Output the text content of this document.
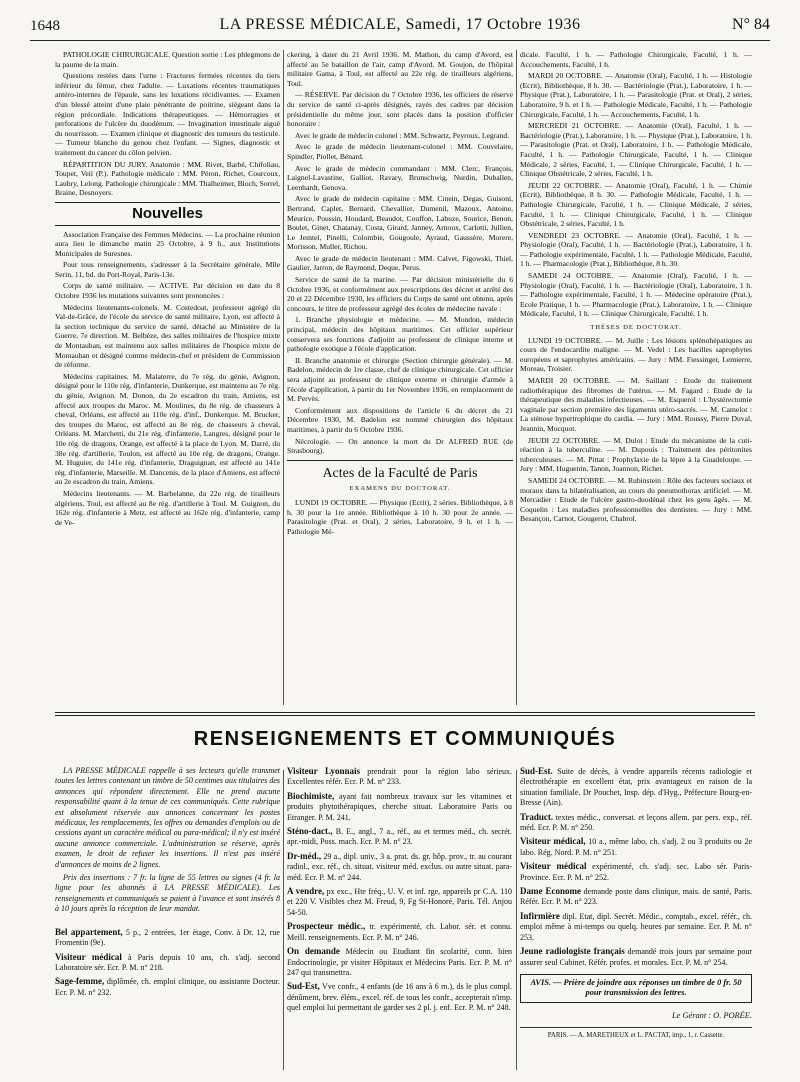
1648	LA PRESSE MÉDICALE, Samedi, 17 Octobre 1936	N° 84

PATHOLOGIE CHIRURGICALE. Question sortie : Les phlegmons de la paume de la main.

Questions restées dans l'urne : Fractures fermées récentes du tiers inférieur du fémur, chez l'adulte. — Luxations récentes traumatiques antéro-internes de l'épaule, sans les luxations récidivantes. — Examen d'un blessé atteint d'une plaie pénétrante de poitrine, siégeant dans la région précordiale. Indications thérapeutiques. — Hémorragies et perforations de l'ulcère du duodénum. — Invagination intestinale aiguë du nourrisson. — Examen clinique et diagnostic des tumeurs du testicule. — Tumeur blanche du genou chez l'enfant. — Signes, diagnostic et traitement du cancer du côlon pelvien.

RÉPARTITION DU JURY. Anatomie : MM. Rivet, Barbé, Chifoliau, Toupet, Veil (P.). Pathologie médicale : MM. Péron, Richet, Courcoux, Laubry, Lelong. Pathologie chirurgicale : MM. Thalheimer, Bloch, Sorrel, Braine, Desnoyers.

Nouvelles

Association Française des Femmes Médecins. — La prochaine réunion aura lieu le dimanche matin 25 Octobre, à 9 h., aux Institutions Municipales de Suresnes.

Pour tous renseignements, s'adresser à la Secrétaire générale, Mlle Serin, 11, bd. du Port-Royal, Paris-13e.

Corps de santé militaire. — ACTIVE. Par décision en date du 8 Octobre 1936 les mutations suivantes sont prononcées :

Médecins lieutenants-colonels. M. Costedoat, professeur agrégé du Val-de-Grâce, de l'école du service de santé militaire, Lyon, est affecté à la section technique du service de santé, détaché au Ministère de la Guerre, 7e direction. M. Belbèze, des salles militaires de l'hospice mixte de Montauban, est maintenu aux salles militaires de l'hospice mixte de Montauban et désigné comme médecin-chef et président de Commission de réforme.

Médecins capitaines. M. Malaterre, du 7e rég. du génie, Avignon, désigné pour le 110e rég. d'infanterie, Dunkerque, est maintenu au 7e rég. du génie, Avignon. M. Donon, du 2e escadron du train, Amiens, est affecté aux troupes du Maroc. M. Moulines, du 8e rég. de chasseurs à cheval, Orléans, est affecté au 110e rég. d'inf., Dunkerque. M. Brucker, des troupes du Maroc, est affecté au 8e rég. de chasseurs à cheval, Orléans. M. Marchetti, du 21e rég. d'infanterie, Langres, désigné pour le 10e rég. de dragons, Orange, est affecté à la place de Lyon. M. Darré, du 38e rég. d'artillerie, Toulon, est affecté au 10e rég. de dragons, Orange. M. Huguier, du 141e rég. d'infanterie, Draguignan, est affecté au 141e rég. d'infanterie, Marseille. M. Dancenis, de la place d'Amiens, est affecté au 2e escadron du train, Amiens.

Médecins lieutenants. — M. Barbelanne, du 22e rég. de tirailleurs algériens, Toul, est affecté au 8e rég. d'artillerie à Toul. M. Guignon, du 162e rég. d'infanterie à Metz, est affecté au 162e rég. d'infanterie, camp de Ve-

ckering, à dater du 21 Avril 1936. M. Mathon, du camp d'Avord, est affecté au 5e bataillon de l'air, camp d'Avord. M. Goujon, de l'hôpital militaire Gama, à Toul, est affecté au 22e rég. de tirailleurs algériens, Toul.

— RÉSERVE. Par décision du 7 Octobre 1936, les officiers de réserve du service de santé ci-après désignés, rayés des cadres par décision présidentielle du même jour, sont placés dans la position d'officier honoraire :

Avec le grade de médecin colonel : MM. Schwartz, Peyroux, Legrand.

Avec le grade de médecin lieutenant-colonel : MM. Couvelaire, Spindler, Piollet, Bénard.

Avec le grade de médecin commandant : MM. Clerc, François, Laignel-Lavastine, Galliot, Ravary, Brunschwig, Nurdin, Duballen, Leenhardt, Genova.

Avec le grade de médecin capitaine : MM. Cinein, Degas, Guisoni, Bertrand, Caplet, Bernard, Chevallier, Dumenil, Mazoux, Antoine, Meurice, Poussin, Houdard, Beaudot, Couffon, Labuze, Sourice, Benon, Boulet, Ginet, Chatanay, Costa, Girard, Janney, Arnoux, Carlotti, Jullien, Le Jemtel, Pinelli, Colombie, Gougoule, Ayraud, Gaussère, Morere, Morisson, Muller, Richou.

Avec le grade de médecin lieutenant : MM. Calvet, Figowski, Thiel, Gaulier, Jarron, de Raymond, Deque, Perus.

Service de santé de la marine. — Par décision ministérielle du 6 Octobre 1936, et conformément aux prescriptions des décret et arrêté des 20 et 22 Décembre 1930, les officiers du Corps de santé ont obtenu, après concours, le titre de professeur agrégé des écoles de médecine navale :

1. Branche physiologie et médecine. — M. Mondon, médecin principal, médecin des hôpitaux maritimes. Cet officier supérieur conservera ses fonctions d'adjoint au professeur de clinique interne et pathologie exotique à l'école d'application.

II. Branche anatomie et chirurgie (Section chirurgie générale). — M. Badelon, médecin de 1re classe, chef de clinique chirurgicale. Cet officier sera adjoint au professeur de clinique externe et chirurgie d'armée à l'école d'application, à partir du 1er Novembre 1936, en remplacement de M. Pervès.

Conformément aux dispositions de l'article 6 du décret du 21 Décembre 1930, M. Badelon est nommé chirurgien des hôpitaux maritimes, à partir du 6 Octobre 1936.

Nécrologie. — On annonce la mort du Dr ALFRED RUE (de Strasbourg).

Actes de la Faculté de Paris
EXAMENS DU DOCTORAT.

LUNDI 19 OCTOBRE. — Physique (Ecrit), 2 séries. Bibliothèque, à 8 h. 30 pour la 1re année. Bibliothèque à 10 h. 30 pour 2e année. — Parasitologie (Prat. et Oral), 2 séries, Laboratoire, 9 h. et 1 h. — Pathologie Mé-

dicale. Faculté, 1 h. — Pathologie Chirurgicale, Faculté, 1 h. — Accouchements, Faculté, 1 h.

MARDI 20 OCTOBRE. — Anatomie (Oral), Faculté, 1 h. — Histologie (Ecrit), Bibliothèque, 8 h. 30. — Bactériologie (Prat.), Laboratoire, 1 h. — Physique (Prat.), Laboratoire, 1 h. — Parasitologie (Prat. et Oral), 2 séries, Laboratoire, 9 h. et 1 h. — Pathologie Médicale, Faculté, 1 h. — Pathologie Chirurgicale, Faculté, 1 h. — Accouchements, Faculté, 1 h.

MERCREDI 21 OCTOBRE. — Anatomie (Oral), Faculté, 1 h. — Bactériologie (Prat.), Laboratoire, 1 h. — Physique (Prat.), Laboratoire, 1 h. — Parasitologie (Prat. et Oral), Laboratoire, 1 h. — Pathologie Médicale, Faculté, 1 h. — Pathologie Chirurgicale, Faculté, 1 h. — Clinique Médicale, 2 séries, Faculté, 1. — Clinique Chirurgicale, Faculté, 1 h. — Clinique Obstétricale, 2 séries, Faculté, 1 h.

JEUDI 22 OCTOBRE. — Anatomie (Oral), Faculté, 1 h. — Chimie (Ecrit), Bibliothèque, 8 h. 30. — Pathologie Médicale, Faculté, 1 h. — Pathologie Chirurgicale, Faculté, 1 h. — Clinique Médicale, 2 séries, Faculté, 1 h. — Clinique Chirurgicale, Faculté, 1 h. — Clinique Obstétricale, 2 séries, Faculté, 1 h.

VENDREDI 23 OCTOBRE. — Anatomie (Oral), Faculté, 1 h. — Physiologie (Oral), Faculté, 1 h. — Bactériologie (Prat.), Laboratoire, 1 h. — Pathologie expérimentale, Faculté, 1 h. — Pathologie Médicale, Faculté, 1 h. — Pharmacologie (Prat.), Bibliothèque, 8 h. 30.

SAMEDI 24 OCTOBRE. — Anatomie (Oral), Faculté, 1 h. — Physiologie (Oral), Faculté, 1 h. — Bactériologie (Oral), Laboratoire, 1 h. — Pathologie expérimentale, Faculté, 1 h. — Médecine opératoire (Prat.), Ecole Pratique, 1 h. — Pharmacologie (Prat.), Laboratoire, 1 h. — Clinique Médicale, Faculté, 1 h. — Clinique Chirurgicale, Faculté, 1 h.

THÈSES DE DOCTORAT.

LUNDI 19 OCTOBRE. — M. Juille : Les lésions splénohépatiques au cours de l'endocardite maligne. — M. Vedel : Les bacilles saprophytes européens et saprophytes américains. — Jury : MM. Fiessinger, Lemierre, Moreau, Troisier.

MARDI 20 OCTOBRE. — M. Saillant : Etude du traitement radiothérapique des fibromes de l'utérus. — M. Fagard : Etude de la thérapeutique des maladies infectieuses. — M. Esquerol : L'hystérectomie vaginale par section première des ligaments utéro-sacrés. — M. Camelot : La sténose hypertrophique du cardia. — Jury : MM. Roussy, Pierre Duval, Jeannin, Mocquot.

JEUDI 22 OCTOBRE. — M. Dulot : Etude du mécanisme de la cuti-réaction à la tuberculine. — M. Dupouis : Traitement des péritonites tuberculeuses. — M. Pittat : Prophylaxie de la lèpre à la Guadeloupe. — Jury : MM. Huguenin, Tanon, Joannon, Richet.

SAMEDI 24 OCTOBRE. — M. Rubinstein : Rôle des facteurs sociaux et moraux dans la bilatéralisation, au cours du pneumothorax artificiel. — M. Mercadier : Etude de l'ulcère gastro-duodénal chez les gens âgés. — M. Coquelin : Les maladies professionnelles des dentistes. — Jury : MM. Besançon, Carnot, Gougerot, Chabrol.

RENSEIGNEMENTS ET COMMUNIQUÉS

LA PRESSE MÉDICALE rappelle à ses lecteurs qu'elle transmet toutes les lettres contenant un timbre de 50 centimes aux titulaires des annonces qui répondent directement. Elle ne prend aucune responsabilité quant à la tenue de ces communiqués. Cette rubrique est absolument réservée aux annonces concernant les postes médicaux, les remplacements, les offres ou demandes d'emplois ou de cessions ayant un caractère médical ou para-médical; il n'y est inséré aucune annonce commerciale. L'administration se réserve, après examen, le droit de refuser les insertions. Il n'est pas inséré d'annonces de moins de 2 lignes.

Prix des insertions : 7 fr. la ligne de 55 lettres ou signes (4 fr. la ligne pour les abonnés à LA PRESSE MÉDICALE). Les renseignements et communiqués se paient à l'avance et sont insérés 8 à 10 jours après la réception de leur mandat.

Bel appartement, 5 p., 2 entrées, 1er étage, Conv. à Dr. 12, rue Fromentin (9e).
Visiteur médical à Paris depuis 10 ans, ch. s'adj. second Laboratoire sér. Ecr. P. M. n° 218.
Sage-femme, diplômée, ch. emploi clinique, ou assistante Docteur. Ecr. P. M. n° 232.
Visiteur Lyonnais prendrait pour la région labo sérieux. Excellentes référ. Ecr. P. M. n° 233.
Biochimiste, ayant fait nombreux travaux sur les vitamines et produits phytothérapiques, cherche situat. Laboratoire Paris ou Etranger. P. M. 241.
Sténo-dact., B. E., angl., 7 a., réf., au et termes méd., ch. secrét. apr.-midi, Poss. mach. Ecr. P. M. n° 23.
Dr-méd., 29 a., dipl. univ., 3 a. prat. ds. gr. hôp. prov., tr. au courant radiol., exc. réf., ch. situat. visiteur méd. exclus. ou autre situat. para-méd. Ecr. P. M. n° 244.
A vendre, px exc., Hte fréq., U. V. et inf. rge, appareils pr C.A. 110 et 220 V. Visibles chez M. Freud, 9, Fg St-Honoré, Paris. Tél. Anjou 54-50.
Prospecteur médic., tr. expérimenté, ch. Labor. sér. et connu. Meill. renseignements. Ecr. P. M. n° 246.
On demande Médecin ou Etudiant fin scolarité, conn. bien Endocrinologie, pr visiter Hôpitaux et Médecins Paris. Ecr. P. M. n° 247 qui transmettra.
Sud-Est, Vve confr., 4 enfants (de 16 ans à 6 m.), ds le plus compl. dénûment, brev. élém., excel. réf. de tous les confr., accepterait n'imp. quel emploi lui permettant de garder ses 2 pl. j. enf. Ecr. P. M. n° 248.
Sud-Est. Suite de décès, à vendre appareils récents radiologie et électrothérapie en excellent état, prix avantageux en raison de la situation familiale. Dr Pouchet, Insp. dép. d'Hyg., Préfecture Bourg-en-Bresse (Ain).
Traduct. textes médic., conversat. et leçons allem. par pers. exp., réf. méd. Ecr. P. M. n° 250.
Visiteur médical, 10 a., même labo, ch. s'adj. 2 ou 3 produits ou 2e labo. Rég. Nord. P. M. n° 251.
Visiteur médical expérimenté, ch. s'adj. sec. Labo sér. Paris-Province. Ecr. P. M. n° 252.
Dame Econome demande poste dans clinique, mais. de santé, Paris. Référ. Ecr. P. M. n° 223.
Infirmière dipl. Etat, dipl. Secrét. Médic., comptab., excel. référ., ch. emploi même à mi-temps ou quelq. heures par semaine. Ecr. P. M. n° 253.
Jeune radiologiste français demandé trois jours par semaine pour assurer seul Cabinet. Référ. profes. et morales. Ecr. P. M. n° 254.
AVIS. — Prière de joindre aux réponses un timbre de 0 fr. 50 pour transmission des lettres.
Le Gérant : O. PORÉE.
PARIS. — A. MARETHEUX et L. PACTAT, imp., 1, r. Cassette.
